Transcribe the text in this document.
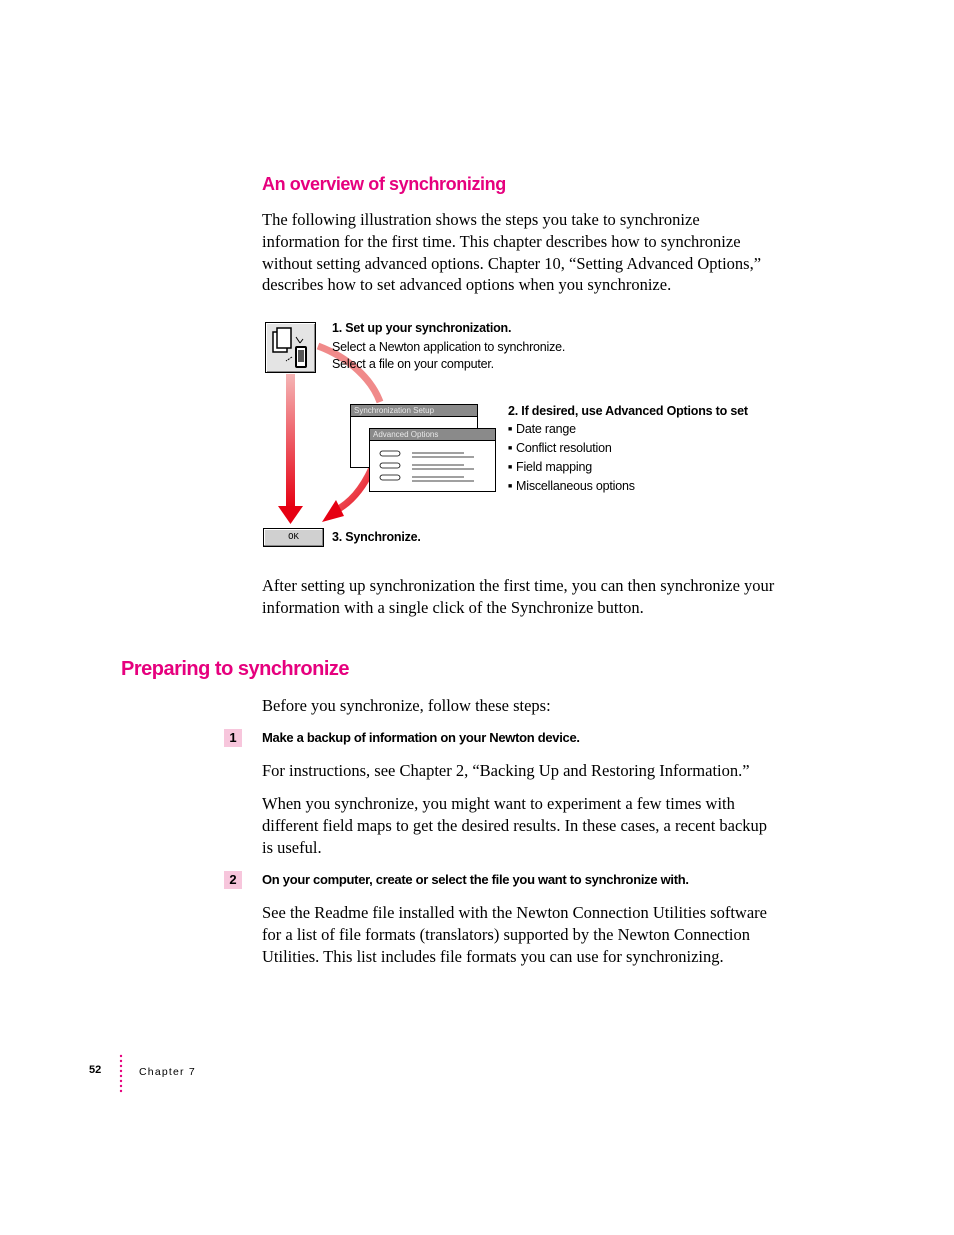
An overview of synchronizing

The following illustration shows the steps you take to synchronize

information for the first time. This chapter describes how to synchronize

without setting advanced options. Chapter 10, “Setting Advanced Options,”

describes how to set advanced options when you synchronize.

1. Set up your synchronization.
Select a Newton application to synchronize.
Select a file on your computer.
Synchronization Setup
Advanced Options
2. If desired, use Advanced Options to set
■ Date range
■ Conflict resolution
■ Field mapping
■ Miscellaneous options
OK	3. Synchronize.

After setting up synchronization the first time, you can then synchronize your

information with a single click of the Synchronize button.

Preparing to synchronize
Before you synchronize, follow these steps:
1	Make a backup of information on your Newton device.

For instructions, see Chapter 2, “Backing Up and Restoring Information.”

When you synchronize, you might want to experiment a few times with

different field maps to get the desired results. In these cases, a recent backup

is useful.

2	On your computer, create or select the file you want to synchronize with.

See the Readme file installed with the Newton Connection Utilities software

for a list of file formats (translators) supported by the Newton Connection

Utilities. This list includes file formats you can use for synchronizing.

52	Chapter 7
